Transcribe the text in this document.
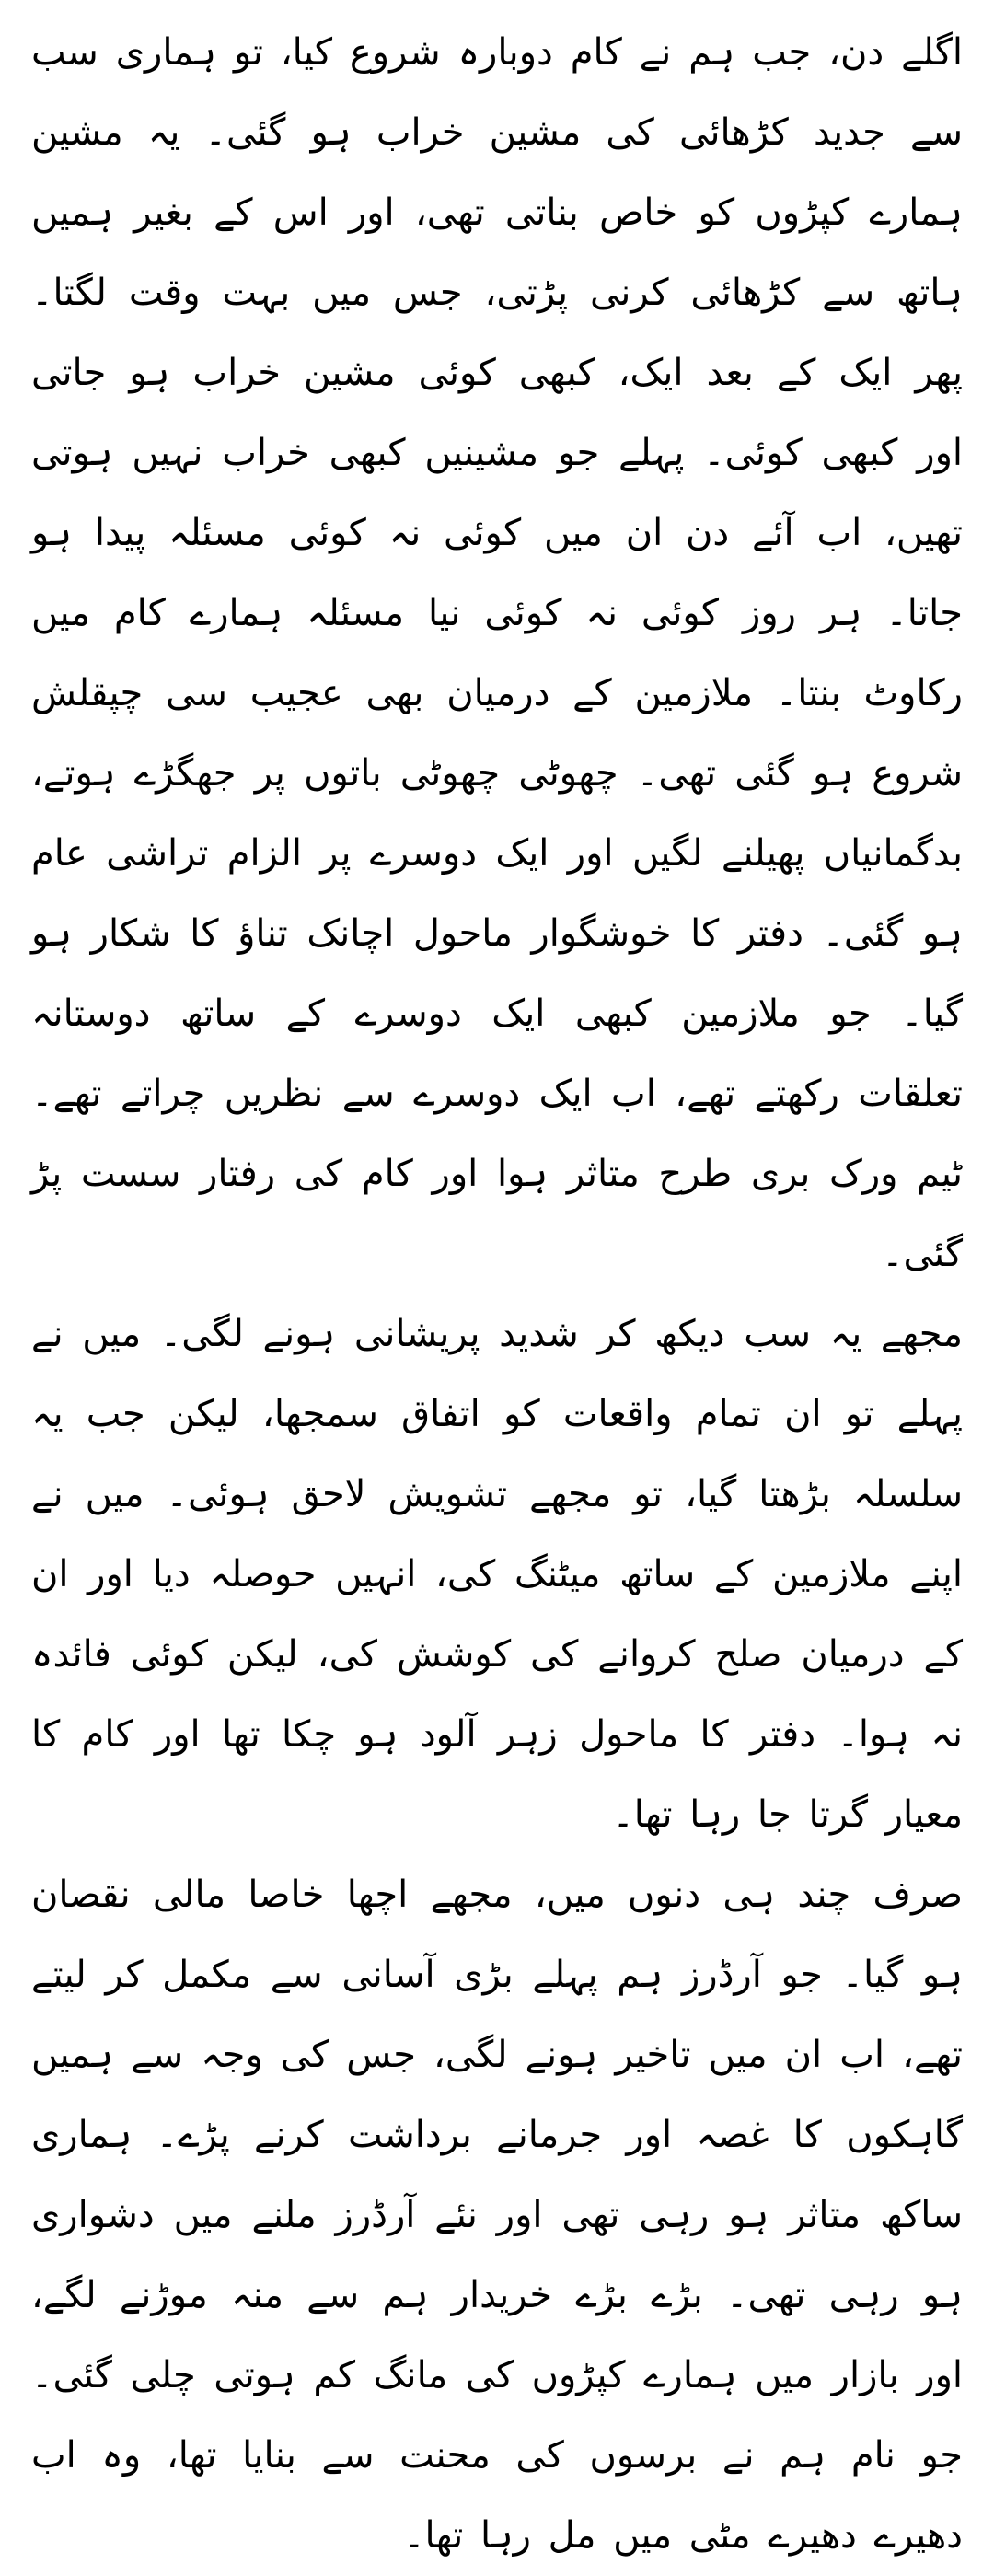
اگلے دن، جب ہم نے کام دوبارہ شروع کیا، تو ہماری سب سے جدید کڑھائی کی مشین خراب ہو گئی۔ یہ مشین ہمارے کپڑوں کو خاص بناتی تھی، اور اس کے بغیر ہمیں ہاتھ سے کڑھائی کرنی پڑتی، جس میں بہت وقت لگتا۔ پھر ایک کے بعد ایک، کبھی کوئی مشین خراب ہو جاتی اور کبھی کوئی۔ پہلے جو مشینیں کبھی خراب نہیں ہوتی تھیں، اب آئے دن ان میں کوئی نہ کوئی مسئلہ پیدا ہو جاتا۔ ہر روز کوئی نہ کوئی نیا مسئلہ ہمارے کام میں رکاوٹ بنتا۔ ملازمین کے درمیان بھی عجیب سی چپقلش شروع ہو گئی تھی۔ چھوٹی چھوٹی باتوں پر جھگڑے ہوتے، بدگمانیاں پھیلنے لگیں اور ایک دوسرے پر الزام تراشی عام ہو گئی۔ دفتر کا خوشگوار ماحول اچانک تناؤ کا شکار ہو گیا۔ جو ملازمین کبھی ایک دوسرے کے ساتھ دوستانہ تعلقات رکھتے تھے، اب ایک دوسرے سے نظریں چراتے تھے۔ ٹیم ورک بری طرح متاثر ہوا اور کام کی رفتار سست پڑ گئی۔

مجھے یہ سب دیکھ کر شدید پریشانی ہونے لگی۔ میں نے پہلے تو ان تمام واقعات کو اتفاق سمجھا، لیکن جب یہ سلسلہ بڑھتا گیا، تو مجھے تشویش لاحق ہوئی۔ میں نے اپنے ملازمین کے ساتھ میٹنگ کی، انہیں حوصلہ دیا اور ان کے درمیان صلح کروانے کی کوشش کی، لیکن کوئی فائدہ نہ ہوا۔ دفتر کا ماحول زہر آلود ہو چکا تھا اور کام کا معیار گرتا جا رہا تھا۔

صرف چند ہی دنوں میں، مجھے اچھا خاصا مالی نقصان ہو گیا۔ جو آرڈرز ہم پہلے بڑی آسانی سے مکمل کر لیتے تھے، اب ان میں تاخیر ہونے لگی، جس کی وجہ سے ہمیں گاہکوں کا غصہ اور جرمانے برداشت کرنے پڑے۔ ہماری ساکھ متاثر ہو رہی تھی اور نئے آرڈرز ملنے میں دشواری ہو رہی تھی۔ بڑے بڑے خریدار ہم سے منہ موڑنے لگے، اور بازار میں ہمارے کپڑوں کی مانگ کم ہوتی چلی گئی۔ جو نام ہم نے برسوں کی محنت سے بنایا تھا، وہ اب دھیرے دھیرے مٹی میں مل رہا تھا۔
